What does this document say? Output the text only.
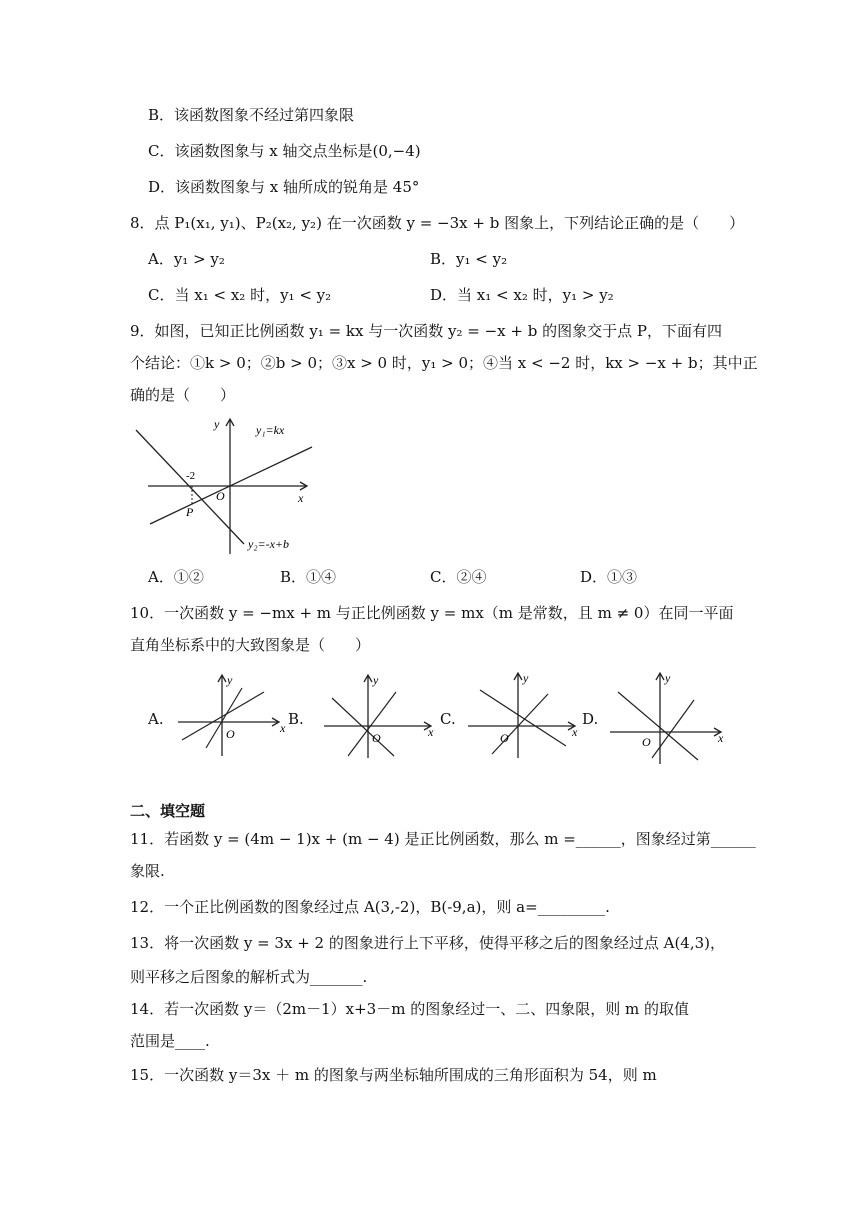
B．该函数图象不经过第四象限
C．该函数图象与 x 轴交点坐标是(0,−4)
D．该函数图象与 x 轴所成的锐角是 45°
8．点 P₁(x₁, y₁)、P₂(x₂, y₂) 在一次函数 y = −3x + b 图象上，下列结论正确的是（　　）
A．y₁ > y₂	B．y₁ < y₂
C．当 x₁ < x₂ 时，y₁ < y₂	D．当 x₁ < x₂ 时，y₁ > y₂
9．如图，已知正比例函数 y₁ = kx 与一次函数 y₂ = −x + b 的图象交于点 P，下面有四
个结论：①k > 0；②b > 0；③x > 0 时，y₁ > 0；④当 x < −2 时，kx > −x + b；其中正
确的是（　　）
y
x
O
y₁=kx
y₂=-x+b
-2
P
A．①②	B．①④	C．②④	D．①③
10．一次函数 y = −mx + m 与正比例函数 y = mx（m 是常数，且 m ≠ 0）在同一平面
直角坐标系中的大致图象是（　　）
A.	B.	C.	D.
y
x
O
y
x
O
y
x
O
y
x
O
二、填空题
11．若函数 y = (4m − 1)x + (m − 4) 是正比例函数，那么 m =______，图象经过第______
象限.
12．一个正比例函数的图象经过点 A(3,-2)，B(-9,a)，则 a=_________.
13．将一次函数 y = 3x + 2 的图象进行上下平移，使得平移之后的图象经过点 A(4,3)，
则平移之后图象的解析式为_______.
14．若一次函数 y＝（2m－1）x+3－m 的图象经过一、二、四象限，则 m 的取值
范围是____.
15．一次函数 y＝3x ＋ m 的图象与两坐标轴所围成的三角形面积为 54，则 m
